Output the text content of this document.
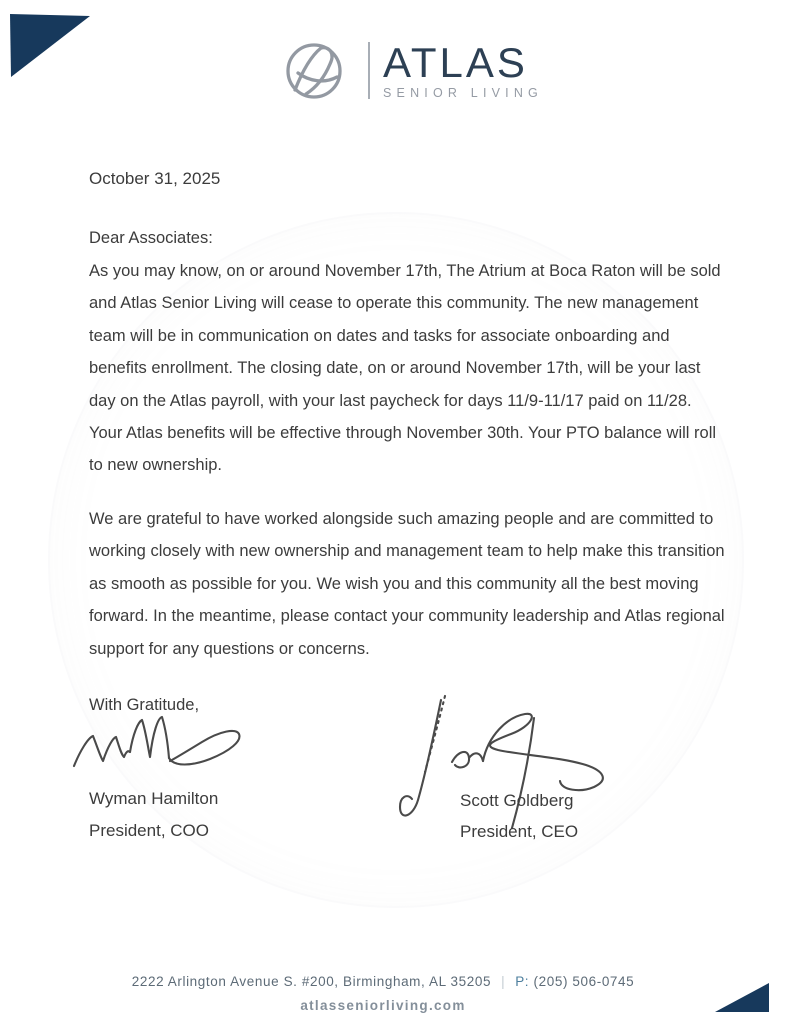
ATLAS
SENIOR LIVING
October 31, 2025
Dear Associates:
As you may know, on or around November 17th, The Atrium at Boca Raton will be sold
and Atlas Senior Living will cease to operate this community. The new management
team will be in communication on dates and tasks for associate onboarding and
benefits enrollment. The closing date, on or around November 17th, will be your last
day on the Atlas payroll, with your last paycheck for days 11/9-11/17 paid on 11/28.
Your Atlas benefits will be effective through November 30th. Your PTO balance will roll
to new ownership.
We are grateful to have worked alongside such amazing people and are committed to
working closely with new ownership and management team to help make this transition
as smooth as possible for you. We wish you and this community all the best moving
forward. In the meantime, please contact your community leadership and Atlas regional
support for any questions or concerns.
With Gratitude,
Wyman Hamilton
President, COO
Scott Goldberg
President, CEO
2222 Arlington Avenue S. #200, Birmingham, AL 35205 | P: (205) 506-0745
atlasseniorliving.com
